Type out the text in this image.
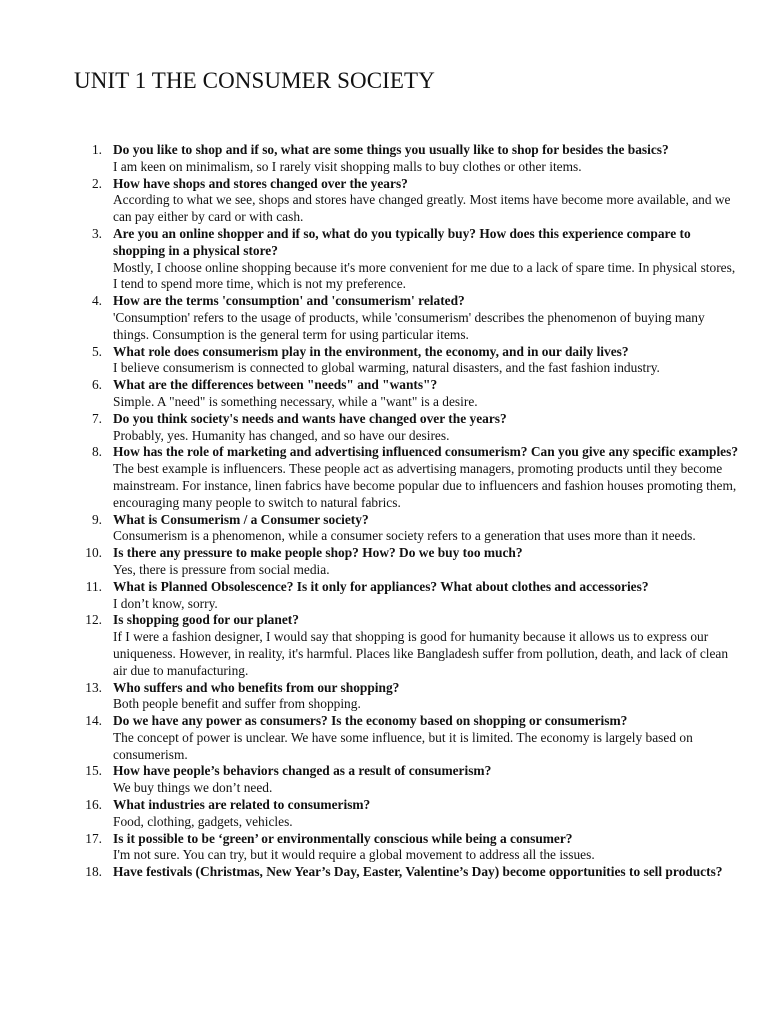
UNIT 1 THE CONSUMER SOCIETY
1. Do you like to shop and if so, what are some things you usually like to shop for besides the basics?
I am keen on minimalism, so I rarely visit shopping malls to buy clothes or other items.
2. How have shops and stores changed over the years?
According to what we see, shops and stores have changed greatly. Most items have become more available, and we can pay either by card or with cash.
3. Are you an online shopper and if so, what do you typically buy? How does this experience compare to shopping in a physical store?
Mostly, I choose online shopping because it's more convenient for me due to a lack of spare time. In physical stores, I tend to spend more time, which is not my preference.
4. How are the terms 'consumption' and 'consumerism' related?
'Consumption' refers to the usage of products, while 'consumerism' describes the phenomenon of buying many things. Consumption is the general term for using particular items.
5. What role does consumerism play in the environment, the economy, and in our daily lives?
I believe consumerism is connected to global warming, natural disasters, and the fast fashion industry.
6. What are the differences between "needs" and "wants"?
Simple. A "need" is something necessary, while a "want" is a desire.
7. Do you think society's needs and wants have changed over the years?
Probably, yes. Humanity has changed, and so have our desires.
8. How has the role of marketing and advertising influenced consumerism? Can you give any specific examples?
The best example is influencers. These people act as advertising managers, promoting products until they become mainstream. For instance, linen fabrics have become popular due to influencers and fashion houses promoting them, encouraging many people to switch to natural fabrics.
9. What is Consumerism / a Consumer society?
Consumerism is a phenomenon, while a consumer society refers to a generation that uses more than it needs.
10. Is there any pressure to make people shop? How? Do we buy too much?
Yes, there is pressure from social media.
11. What is Planned Obsolescence? Is it only for appliances? What about clothes and accessories?
I don’t know, sorry.
12. Is shopping good for our planet?
If I were a fashion designer, I would say that shopping is good for humanity because it allows us to express our uniqueness. However, in reality, it's harmful. Places like Bangladesh suffer from pollution, death, and lack of clean air due to manufacturing.
13. Who suffers and who benefits from our shopping?
Both people benefit and suffer from shopping.
14. Do we have any power as consumers? Is the economy based on shopping or consumerism?
The concept of power is unclear. We have some influence, but it is limited. The economy is largely based on consumerism.
15. How have people’s behaviors changed as a result of consumerism?
We buy things we don’t need.
16. What industries are related to consumerism?
Food, clothing, gadgets, vehicles.
17. Is it possible to be ‘green’ or environmentally conscious while being a consumer?
I'm not sure. You can try, but it would require a global movement to address all the issues.
18. Have festivals (Christmas, New Year’s Day, Easter, Valentine’s Day) become opportunities to sell products?
